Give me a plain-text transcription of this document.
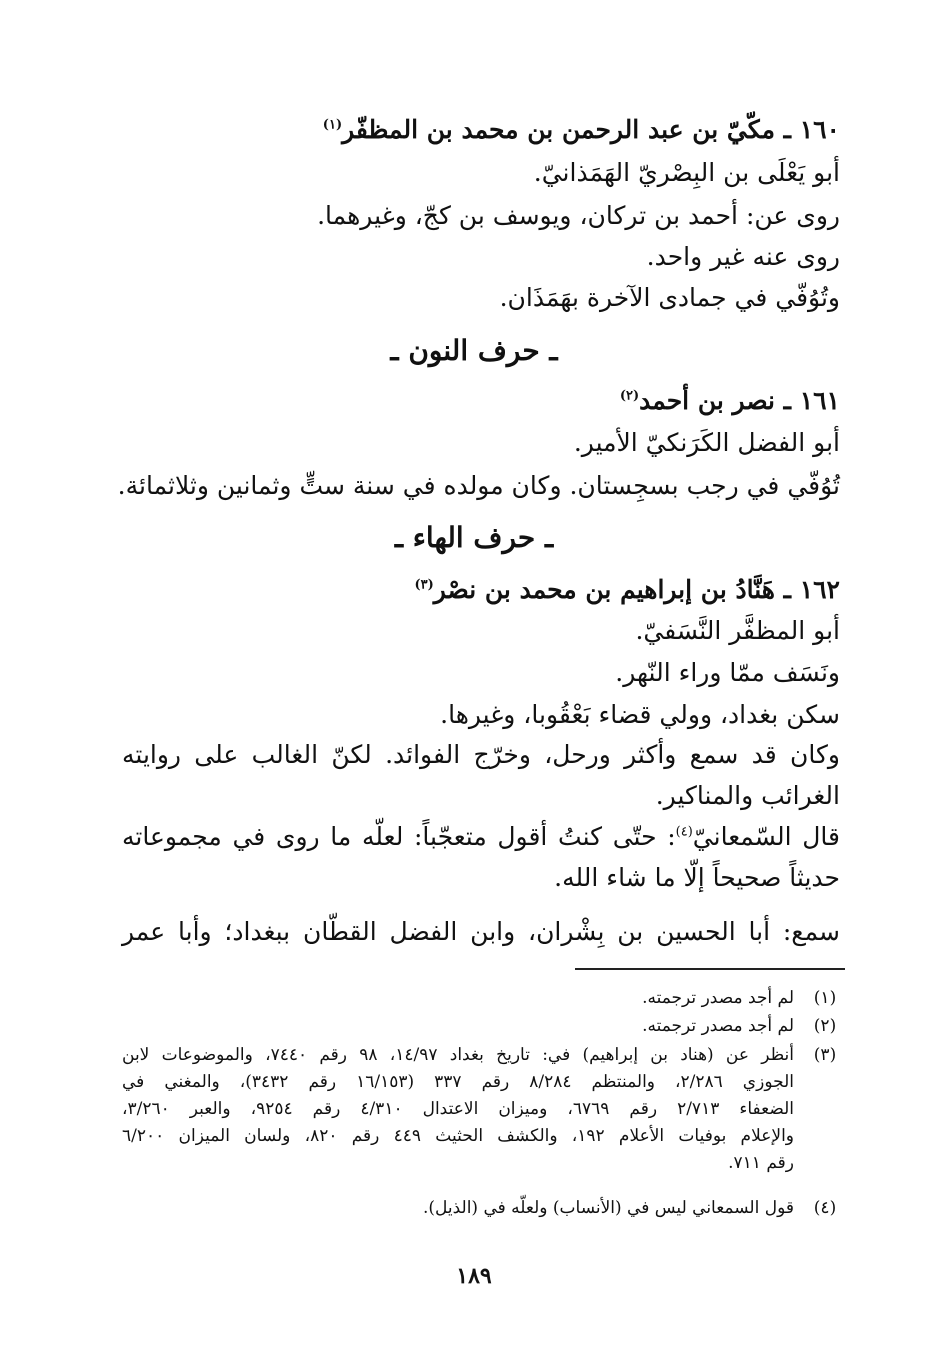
١٦٠ ـ مكّيّ بن عبد الرحمن بن محمد بن المظفّر$^{(١)}$
أبو يَعْلَى بن البِصْريّ الهَمَذانيّ.
روى عن: أحمد بن تركان، ويوسف بن كجّ، وغيرهما.
روى عنه غير واحد.
وتُوُفّي في جمادى الآخرة بهَمَذَان.
ـ حرف النون ـ
١٦١ ـ نصر بن أحمد$^{(٢)}$
أبو الفضل الكَرَنكيّ الأمير.
تُوُفّي في رجب بسجِستان. وكان مولده في سنة ستٍّ وثمانين وثلاثمائة.
ـ حرف الهاء ـ
١٦٢ ـ هَنَّادُ بن إبراهيم بن محمد بن نصْر$^{(٣)}$
أبو المظفَّر النَّسَفيّ.
ونَسَف ممّا وراء النّهر.
سكن بغداد، وولي قضاء بَعْقُوبا، وغيرها.
وكان قد سمع وأكثر ورحل، وخرّج الفوائد. لكنّ الغالب على روايته
الغرائب والمناكير.
قال السّمعانيّ$^{(٤)}$: حتّى كنتُ أقول متعجّباً: لعلّه ما روى في مجموعاته
حديثاً صحيحاً إلّا ما شاء الله.
سمع: أبا الحسين بن بِشْران، وابن الفضل القطّان ببغداد؛ وأبا عمر
(١)
لم أجد مصدر ترجمته.
(٢)
لم أجد مصدر ترجمته.
(٣)
أنظر عن (هناد بن إبراهيم) في: تاريخ بغداد ١٤/٩٧، ٩٨ رقم ٧٤٤٠، والموضوعات لابن
الجوزي ٢/٢٨٦، والمنتظم ٨/٢٨٤ رقم ٣٣٧ (١٦/١٥٣ رقم ٣٤٣٢)، والمغني في
الضعفاء ٢/٧١٣ رقم ٦٧٦٩، وميزان الاعتدال ٤/٣١٠ رقم ٩٢٥٤، والعبر ٣/٢٦٠،
والإعلام بوفيات الأعلام ١٩٢، والكشف الحثيث ٤٤٩ رقم ٨٢٠، ولسان الميزان ٦/٢٠٠
رقم ٧١١.
(٤)
قول السمعاني ليس في (الأنساب) ولعلّه في (الذيل).
١٨٩
